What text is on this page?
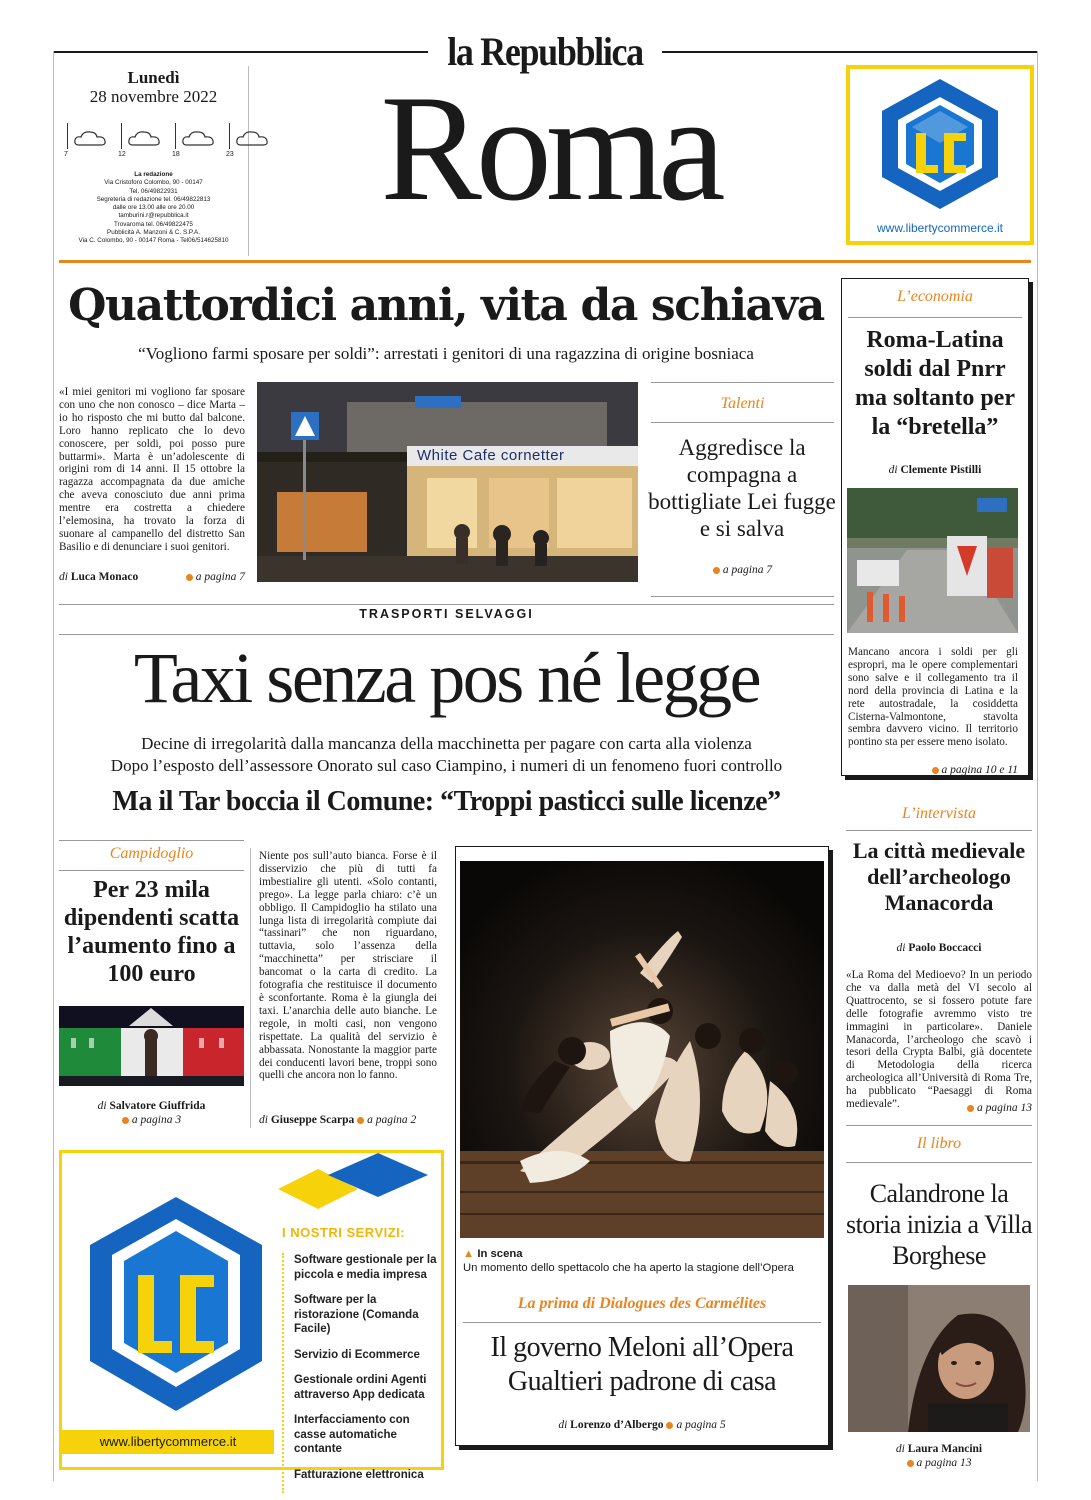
la Repubblica
Lunedì
28 novembre 2022
7	12	18	23
La redazione
Via Cristoforo Colombo, 90 - 00147
Tel. 06/49822931
Segreteria di redazione tel. 06/49822813
dalle ore 13.00 alle ore 20.00
tamburini.r@repubblica.it
Trovaroma tel. 06/49822475
Pubblicità A. Manzoni & C. S.P.A.
Via C. Colombo, 90 - 00147 Roma - Tel06/514625810
Roma	www.libertycommerce.it
Quattordici anni, vita da schiava
“Vogliono farmi sposare per soldi”: arrestati i genitori di una ragazzina di origine bosniaca
«I miei genitori mi vogliono far sposare con uno che non conosco – dice Marta – io ho risposto che mi butto dal balcone. Loro hanno replicato che lo devo conoscere, per soldi, poi posso pure buttarmi». Marta è un’adolescente di origini rom di 14 anni. Il 15 ottobre la ragazza accompagnata da due amiche che aveva conosciuto due anni prima mentre era costretta a chiedere l’elemosina, ha trovato la forza di suonare al campanello del distretto San Basilio e di denunciare i suoi genitori.
di Luca Monaco	a pagina 7
White Cafe cornetter
Talenti
Aggredisce la compagna a bottigliate Lei fugge e si salva
a pagina 7
L’economia
Roma-Latina soldi dal Pnrr ma soltanto per la “bretella”
di Clemente Pistilli
Mancano ancora i soldi per gli espropri, ma le opere complementari sono salve e il collegamento tra il nord della provincia di Latina e la rete autostradale, la cosiddetta Cisterna-Valmontone, stavolta sembra davvero vicino. Il territorio pontino sta per essere meno isolato.
a pagina 10 e 11
TRASPORTI SELVAGGI
Taxi senza pos né legge
Decine di irregolarità dalla mancanza della macchinetta per pagare con carta alla violenza
Dopo l’esposto dell’assessore Onorato sul caso Ciampino, i numeri di un fenomeno fuori controllo
Ma il Tar boccia il Comune: “Troppi pasticci sulle licenze”
Campidoglio
Per 23 mila dipendenti scatta l’aumento fino a 100 euro
di Salvatore Giuffrida
a pagina 3
Niente pos sull’auto bianca. Forse è il disservizio che più di tutti fa imbestialire gli utenti. «Solo contanti, prego». La legge parla chiaro: c’è un obbligo. Il Campidoglio ha stilato una lunga lista di irregolarità compiute dai “tassinari” che non riguardano, tuttavia, solo l’assenza della “macchinetta” per strisciare il bancomat o la carta di credito. La fotografia che restituisce il documento è sconfortante. Roma è la giungla dei taxi. L’anarchia delle auto bianche. Le regole, in molti casi, non vengono rispettate. La qualità del servizio è abbassata. Nonostante la maggior parte dei conducenti lavori bene, troppi sono quelli che ancora non lo fanno.
di Giuseppe Scarpa a pagina 2
▲ In scena
Un momento dello spettacolo che ha aperto la stagione dell’Opera
La prima di Dialogues des Carmélites
Il governo Meloni all’Opera
Gualtieri padrone di casa
di Lorenzo d’Albergo a pagina 5
L’intervista
La città medievale dell’archeologo Manacorda
di Paolo Boccacci
«La Roma del Medioevo? In un periodo che va dalla metà del VI secolo al Quattrocento, se si fossero potute fare delle fotografie avremmo visto tre immagini in particolare». Daniele Manacorda, l’archeologo che scavò i tesori della Crypta Balbi, già docentete di Metodologia della ricerca archeologica all’Università di Roma Tre, ha pubblicato “Paesaggi di Roma medievale”.	a pagina 13
Il libro
Calandrone la storia inizia a Villa Borghese
di Laura Mancini
a pagina 13
I NOSTRI SERVIZI:
Software gestionale per la piccola e media impresa
Software per la ristorazione (Comanda Facile)
Servizio di Ecommerce
Gestionale ordini Agenti attraverso App dedicata
Interfacciamento con casse automatiche contante
Fatturazione elettronica
www.libertycommerce.it
